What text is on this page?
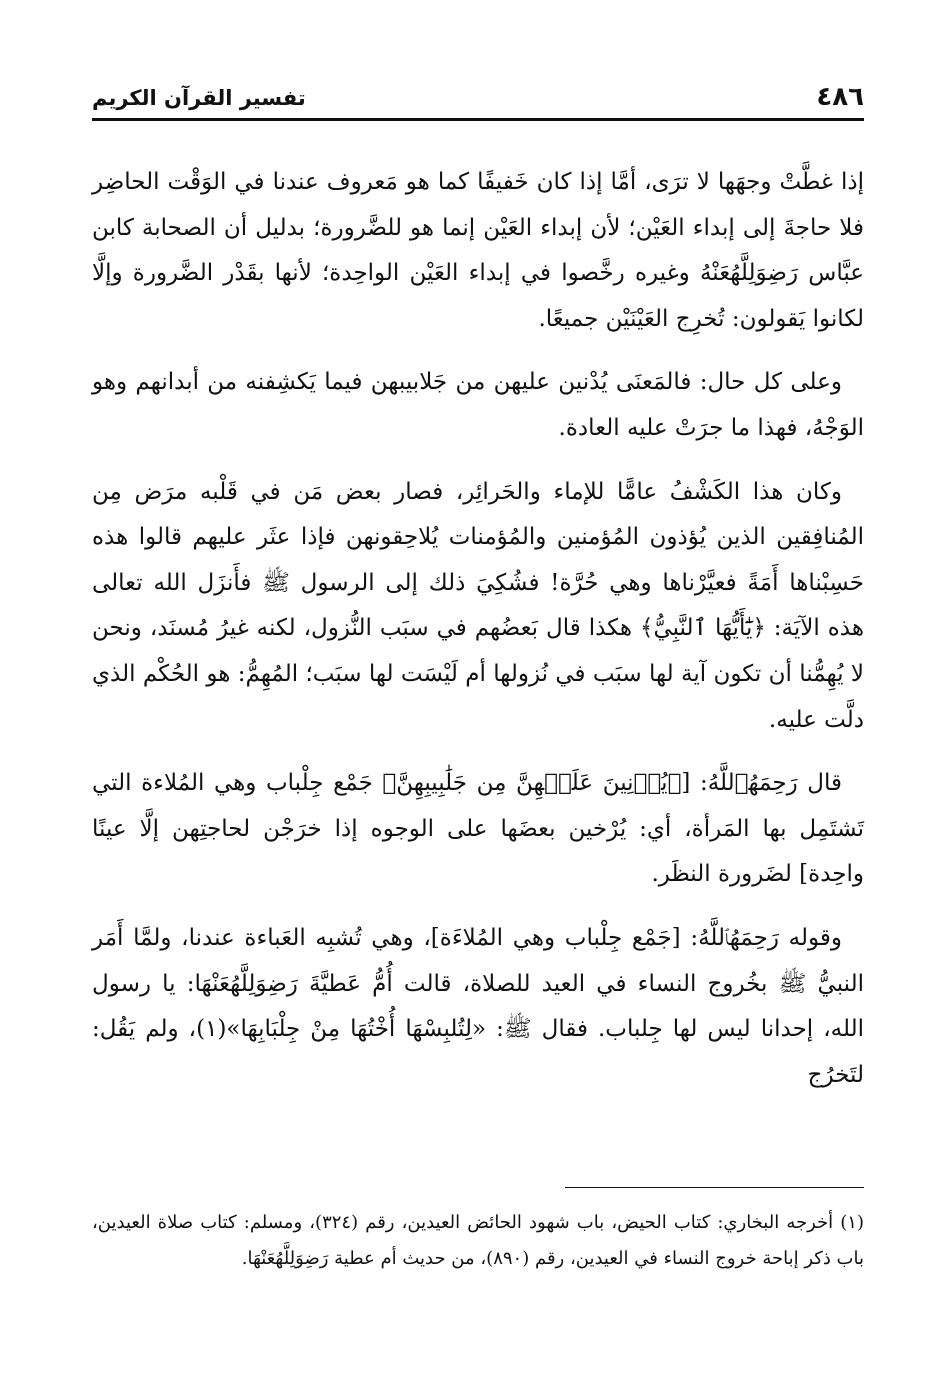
٤٨٦
تفسير القرآن الكريم

إذا غطَّتْ وجهَها لا ترَى، أمَّا إذا كان خَفيفًا كما هو مَعروف عندنا في الوَقْت الحاضِر فلا حاجةَ إلى إبداء العَيْن؛ لأن إبداء العَيْن إنما هو للضَّرورة؛ بدليل أن الصحابة كابن عبَّاس رَضِوَلِلَّهُعَنْهُ وغيره رخَّصوا في إبداء العَيْن الواحِدة؛ لأنها بقَدْر الضَّرورة وإلَّا لكانوا يَقولون: تُخرِج العَيْنَيْن جميعًا.

وعلى كل حال: فالمَعنَى يُدْنين عليهن من جَلابيبهن فيما يَكشِفنه من أبدانهم وهو الوَجْهُ، فهذا ما جرَتْ عليه العادة.

وكان هذا الكَشْفُ عامًّا للإماء والحَرائِر، فصار بعض مَن في قَلْبه مرَض مِن المُنافِقين الذين يُؤذون المُؤمنين والمُؤمنات يُلاحِقونهن فإذا عثَر عليهم قالوا هذه حَسِبْناها أَمَةً فعيَّرْناها وهي حُرَّة! فشُكِيَ ذلك إلى الرسول ﷺ فأَنزَل الله تعالى هذه الآيَة: ﴿يَٰٓأَيُّهَا ٱلنَّبِيُّ﴾ هكذا قال بَعضُهم في سبَب النُّزول، لكنه غيرُ مُسنَد، ونحن لا يُهِمُّنا أن تكون آية لها سبَب في نُزولها أم لَيْسَت لها سبَب؛ المُهِمُّ: هو الحُكْم الذي دلَّت عليه.

قال رَحِمَهُٱللَّهُ: [﴿يُدۡنِينَ عَلَيۡهِنَّ مِن جَلَٰبِيبِهِنَّ﴾ جَمْع جِلْباب وهي المُلاءة التي تَشتَمِل بها المَرأة، أي: يُرْخين بعضَها على الوجوه إذا خرَجْن لحاجتِهن إلَّا عينًا واحِدة] لضَرورة النظَر.

وقوله رَحِمَهُٱللَّهُ: [جَمْع جِلْباب وهي المُلاءَة]، وهي تُشبِه العَباءة عندنا، ولمَّا أَمَر النبيُّ ﷺ بخُروج النساء في العيد للصلاة، قالت أُمُّ عَطيَّةَ رَضِوَلِلَّهُعَنْهَا: يا رسول الله، إحدانا ليس لها جِلباب. فقال ﷺ: «لِتُلبِسْهَا أُخْتُهَا مِنْ جِلْبَابِهَا»(١)، ولم يَقُل: لتَخرُج

(١) أخرجه البخاري: كتاب الحيض، باب شهود الحائض العيدين، رقم (٣٢٤)، ومسلم: كتاب صلاة العيدين، باب ذكر إباحة خروج النساء في العيدين، رقم (٨٩٠)، من حديث أم عطية رَضِوَلِلَّهُعَنْهَا.
